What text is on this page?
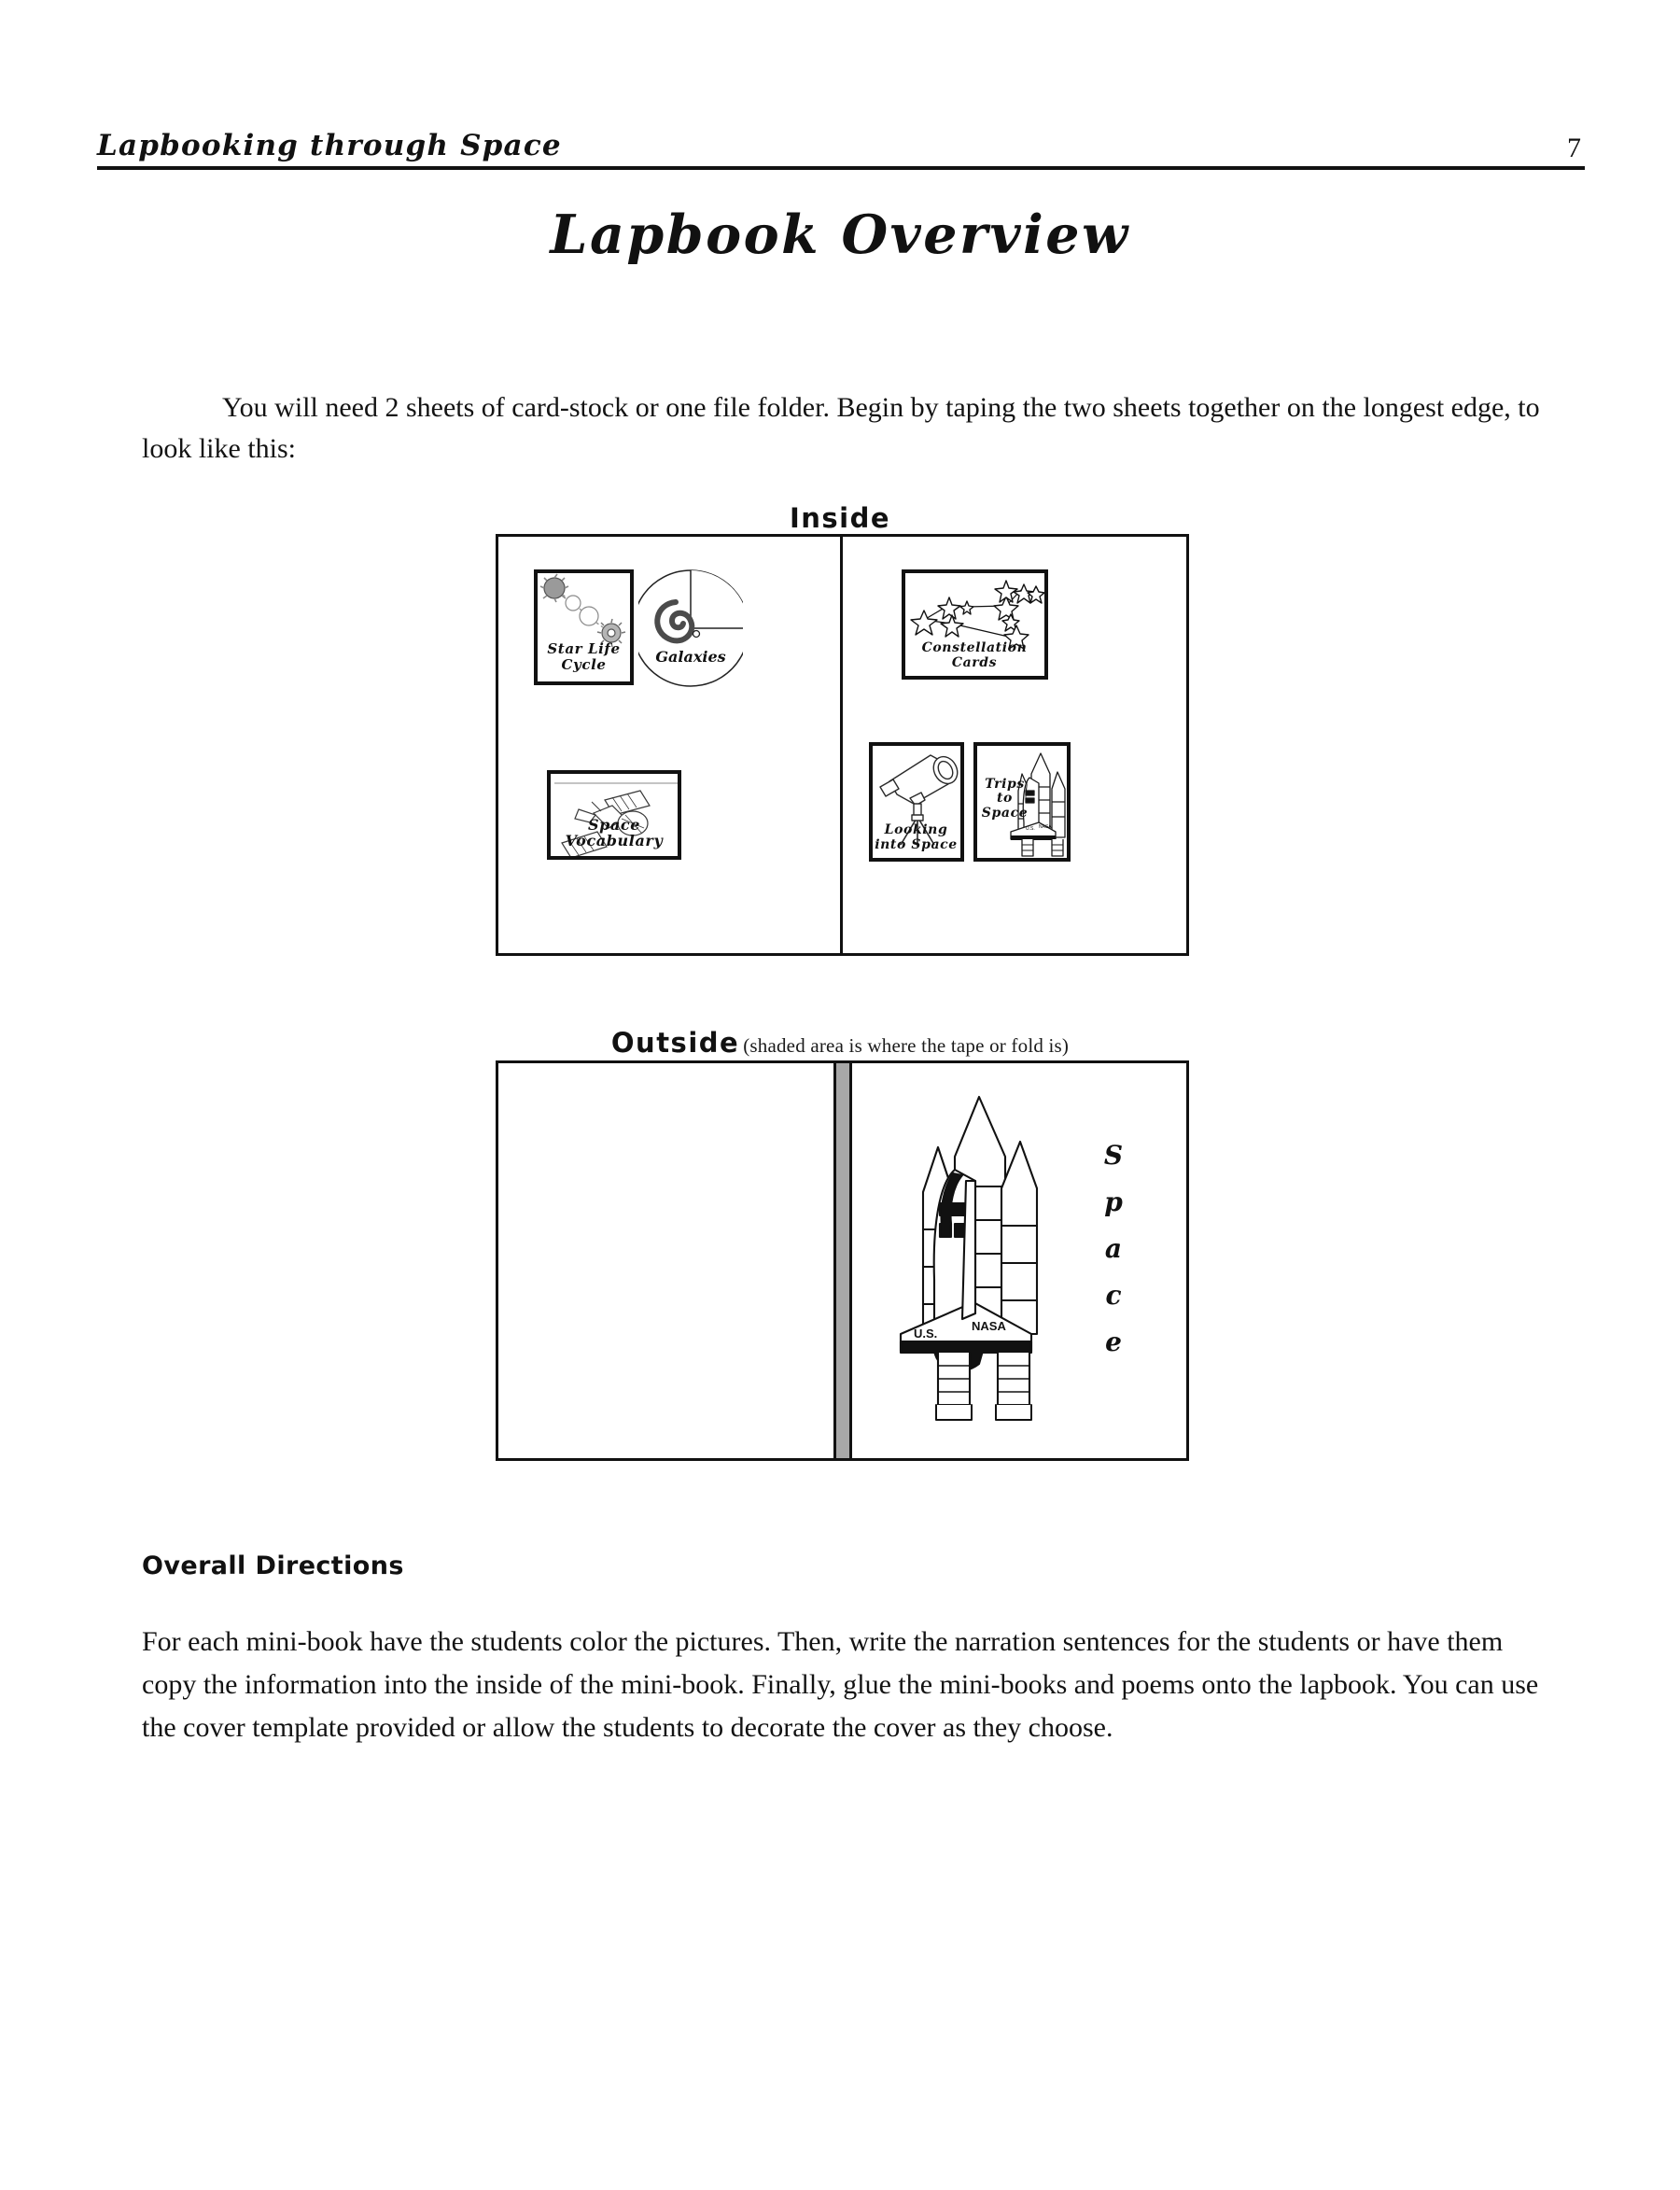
Lapbooking through Space	7
Lapbook Overview

You will need 2 sheets of card-stock or one file folder. Begin by taping the two sheets together on the longest edge, to look like this:

Inside
Star Life
Cycle	Galaxies
Space
Vocabulary
Constellation Cards
Looking
into Space
U.S. NASA
Trips
to
Space
Outside (shaded area is where the tape or fold is)
U.S.
NASA
S
p
a
c
e
Overall Directions

For each mini-book have the students color the pictures. Then, write the narration sentences for the students or have them copy the information into the inside of the mini-book. Finally, glue the mini-books and poems onto the lapbook. You can use the cover template provided or allow the students to decorate the cover as they choose.
